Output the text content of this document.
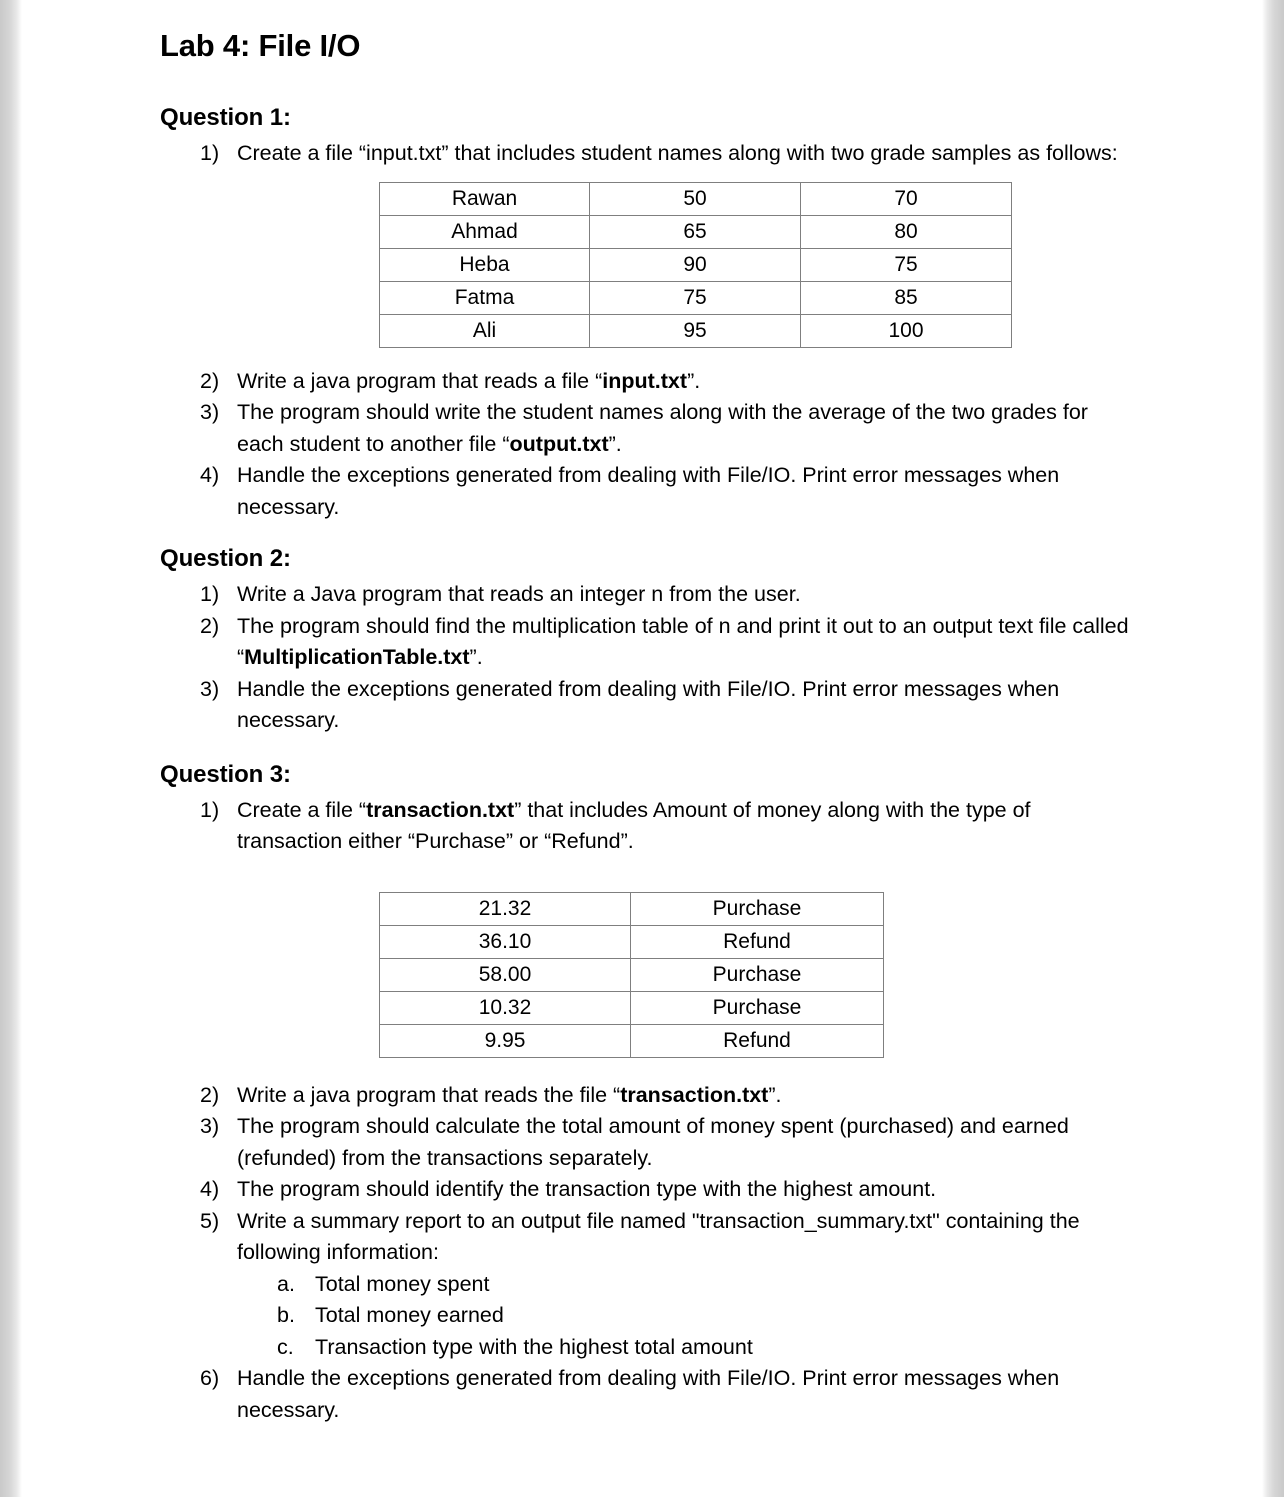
Lab 4: File I/O
Question 1:
1) Create a file “input.txt” that includes student names along with two grade samples as follows:
Rawan	50	70
Ahmad	65	80
Heba	90	75
Fatma	75	85
Ali	95	100
2) Write a java program that reads a file “input.txt”.
3) The program should write the student names along with the average of the two grades for each student to another file “output.txt”.
4) Handle the exceptions generated from dealing with File/IO. Print error messages when necessary.
Question 2:
1) Write a Java program that reads an integer n from the user.
2) The program should find the multiplication table of n and print it out to an output text file called “MultiplicationTable.txt”.
3) Handle the exceptions generated from dealing with File/IO. Print error messages when necessary.
Question 3:
1) Create a file “transaction.txt” that includes Amount of money along with the type of transaction either “Purchase” or “Refund”.
21.32	Purchase
36.10	Refund
58.00	Purchase
10.32	Purchase
9.95	Refund
2) Write a java program that reads the file “transaction.txt”.
3) The program should calculate the total amount of money spent (purchased) and earned (refunded) from the transactions separately.
4) The program should identify the transaction type with the highest amount.
5) Write a summary report to an output file named "transaction_summary.txt" containing the following information:
a. Total money spent
b. Total money earned
c. Transaction type with the highest total amount
6) Handle the exceptions generated from dealing with File/IO. Print error messages when necessary.
